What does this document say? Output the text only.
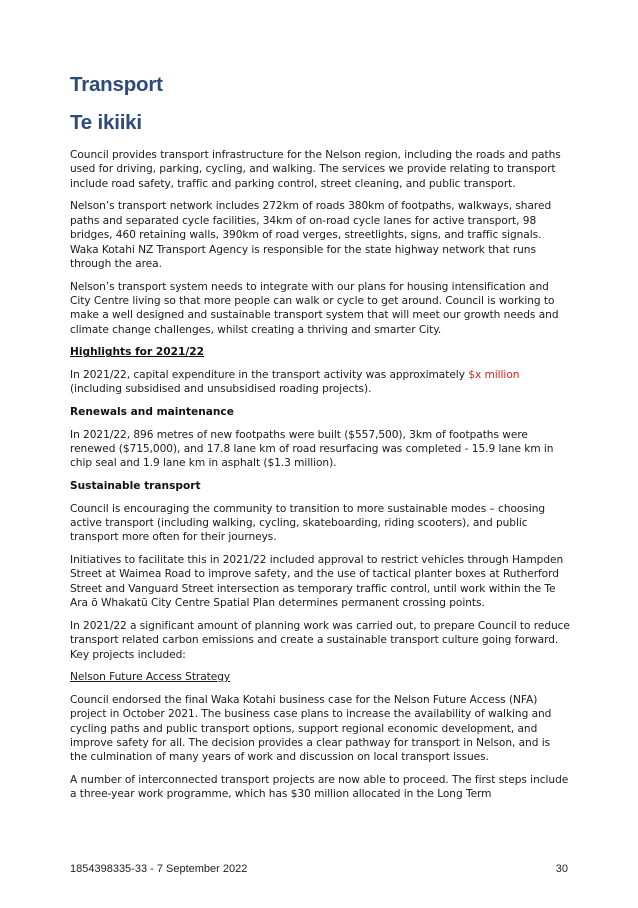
Transport
Te ikiiki

Council provides transport infrastructure for the Nelson region, including the roads and paths used for driving, parking, cycling, and walking. The services we provide relating to transport include road safety, traffic and parking control, street cleaning, and public transport.

Nelson’s transport network includes 272km of roads 380km of footpaths, walkways, shared paths and separated cycle facilities, 34km of on-road cycle lanes for active transport, 98 bridges, 460 retaining walls, 390km of road verges, streetlights, signs, and traffic signals. Waka Kotahi NZ Transport Agency is responsible for the state highway network that runs through the area.

Nelson’s transport system needs to integrate with our plans for housing intensification and City Centre living so that more people can walk or cycle to get around. Council is working to make a well designed and sustainable transport system that will meet our growth needs and climate change challenges, whilst creating a thriving and smarter City.

Highlights for 2021/22

In 2021/22, capital expenditure in the transport activity was approximately $x million (including subsidised and unsubsidised roading projects).

Renewals and maintenance

In 2021/22, 896 metres of new footpaths were built ($557,500), 3km of footpaths were renewed ($715,000), and 17.8 lane km of road resurfacing was completed - 15.9 lane km in chip seal and 1.9 lane km in asphalt ($1.3 million).

Sustainable transport

Council is encouraging the community to transition to more sustainable modes – choosing active transport (including walking, cycling, skateboarding, riding scooters), and public transport more often for their journeys.

Initiatives to facilitate this in 2021/22 included approval to restrict vehicles through Hampden Street at Waimea Road to improve safety, and the use of tactical planter boxes at Rutherford Street and Vanguard Street intersection as temporary traffic control, until work within the Te Ara ō Whakatū City Centre Spatial Plan determines permanent crossing points.

In 2021/22 a significant amount of planning work was carried out, to prepare Council to reduce transport related carbon emissions and create a sustainable transport culture going forward. Key projects included:

Nelson Future Access Strategy

Council endorsed the final Waka Kotahi business case for the Nelson Future Access (NFA) project in October 2021. The business case plans to increase the availability of walking and cycling paths and public transport options, support regional economic development, and improve safety for all. The decision provides a clear pathway for transport in Nelson, and is the culmination of many years of work and discussion on local transport issues.

A number of interconnected transport projects are now able to proceed. The first steps include a three-year work programme, which has $30 million allocated in the Long Term

1854398335-33 - 7 September 2022	30
